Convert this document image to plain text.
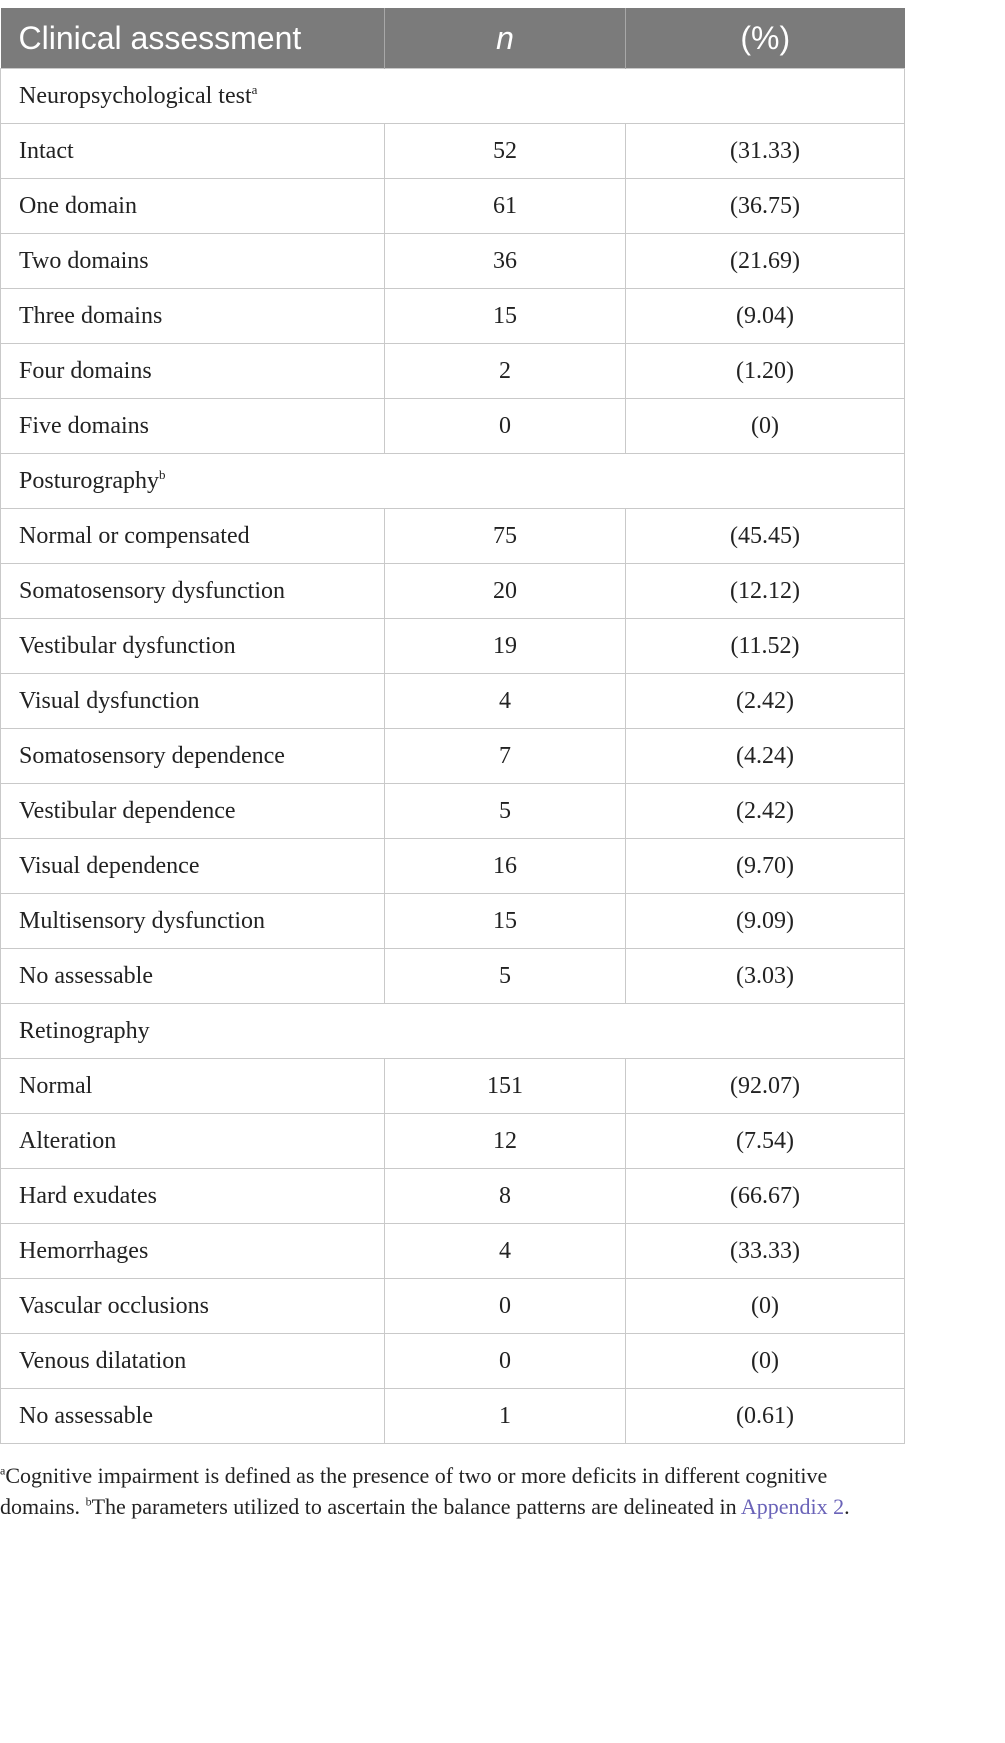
Clinical assessment	n	(%)
Neuropsychological test$^a$
Intact	52	(31.33)
One domain	61	(36.75)
Two domains	36	(21.69)
Three domains	15	(9.04)
Four domains	2	(1.20)
Five domains	0	(0)
Posturography$^b$
Normal or compensated	75	(45.45)
Somatosensory dysfunction	20	(12.12)
Vestibular dysfunction	19	(11.52)
Visual dysfunction	4	(2.42)
Somatosensory dependence	7	(4.24)
Vestibular dependence	5	(2.42)
Visual dependence	16	(9.70)
Multisensory dysfunction	15	(9.09)
No assessable	5	(3.03)
Retinography		
Normal	151	(92.07)
Alteration	12	(7.54)
Hard exudates	8	(66.67)
Hemorrhages	4	(33.33)
Vascular occlusions	0	(0)
Venous dilatation	0	(0)
No assessable	1	(0.61)
$^a$Cognitive impairment is defined as the presence of two or more deficits in different cognitive domains. $^b$The parameters utilized to ascertain the balance patterns are delineated in Appendix 2.
